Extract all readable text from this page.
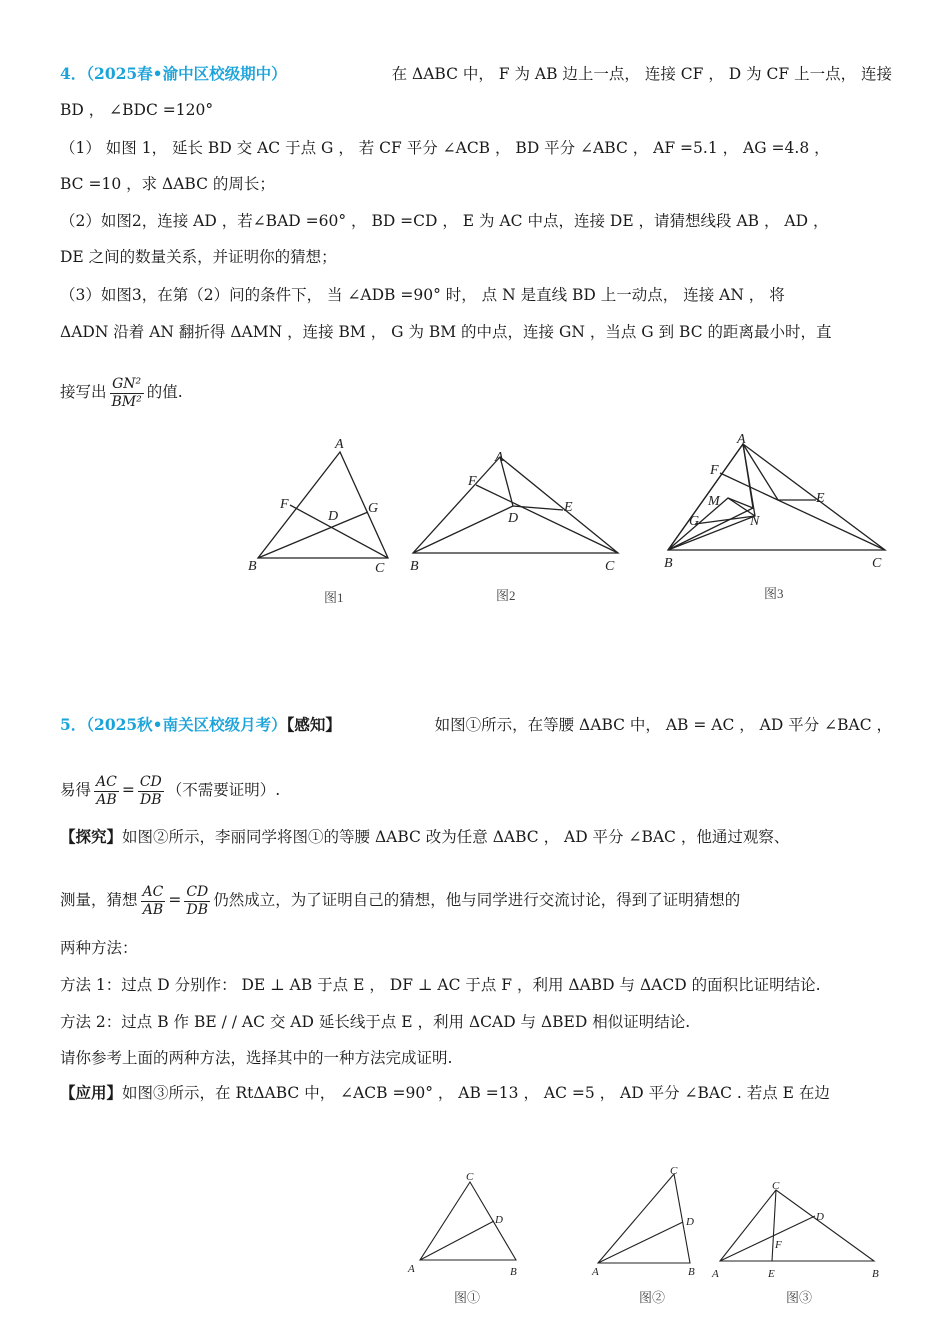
4．（2025春•渝中区校级期中）	在 ΔABC 中， F 为 AB 边上一点， 连接 CF ， D 为 CF 上一点， 连接
BD ， ∠BDC =120°
（1） 如图 1， 延长 BD 交 AC 于点 G ， 若 CF 平分 ∠ACB ， BD 平分 ∠ABC ， AF =5.1 ， AG =4.8 ，
BC =10 ，求 ΔABC 的周长；
（2）如图2，连接 AD ，若∠BAD =60° ， BD =CD ， E 为 AC 中点，连接 DE ，请猜想线段 AB ， AD ，
DE 之间的数量关系，并证明你的猜想；
（3）如图3，在第（2）问的条件下， 当 ∠ADB =90° 时， 点 N 是直线 BD 上一动点， 连接 AN ， 将
ΔADN 沿着 AN 翻折得 ΔAMN ，连接 BM ， G 为 BM 的中点，连接 GN ，当点 G 到 BC 的距离最小时，直
接写出 $\frac{\text{GN²}}{\text{BM²}}$ 的值.
A
F
D
G
B	C
A
F
D
E
B	C
A
F
M
G	N
E
B	C
图1	图2	图3
5．（2025秋•南关区校级月考）【感知】	如图①所示，在等腰 ΔABC 中， AB = AC ， AD 平分 ∠BAC ，
易得 $\frac{AC}{AB} = \frac{CD}{DB}$ （不需要证明）.
【探究】如图②所示，李丽同学将图①的等腰 ΔABC 改为任意 ΔABC ， AD 平分 ∠BAC ，他通过观察、
测量，猜想 $\frac{AC}{AB} = \frac{CD}{DB}$ 仍然成立，为了证明自己的猜想，他与同学进行交流讨论，得到了证明猜想的
两种方法：
方法 1：过点 D 分别作： DE ⊥ AB 于点 E ， DF ⊥ AC 于点 F ，利用 ΔABD 与 ΔACD 的面积比证明结论.
方法 2：过点 B 作 BE / / AC 交 AD 延长线于点 E ，利用 ΔCAD 与 ΔBED 相似证明结论.
请你参考上面的两种方法，选择其中的一种方法完成证明.
【应用】如图③所示，在 RtΔABC 中， ∠ACB =90° ， AB =13 ， AC =5 ， AD 平分 ∠BAC . 若点 E 在边
C
D
A	B
C
D
A	B
C
D
F
A	E	B
图①	图②	图③
